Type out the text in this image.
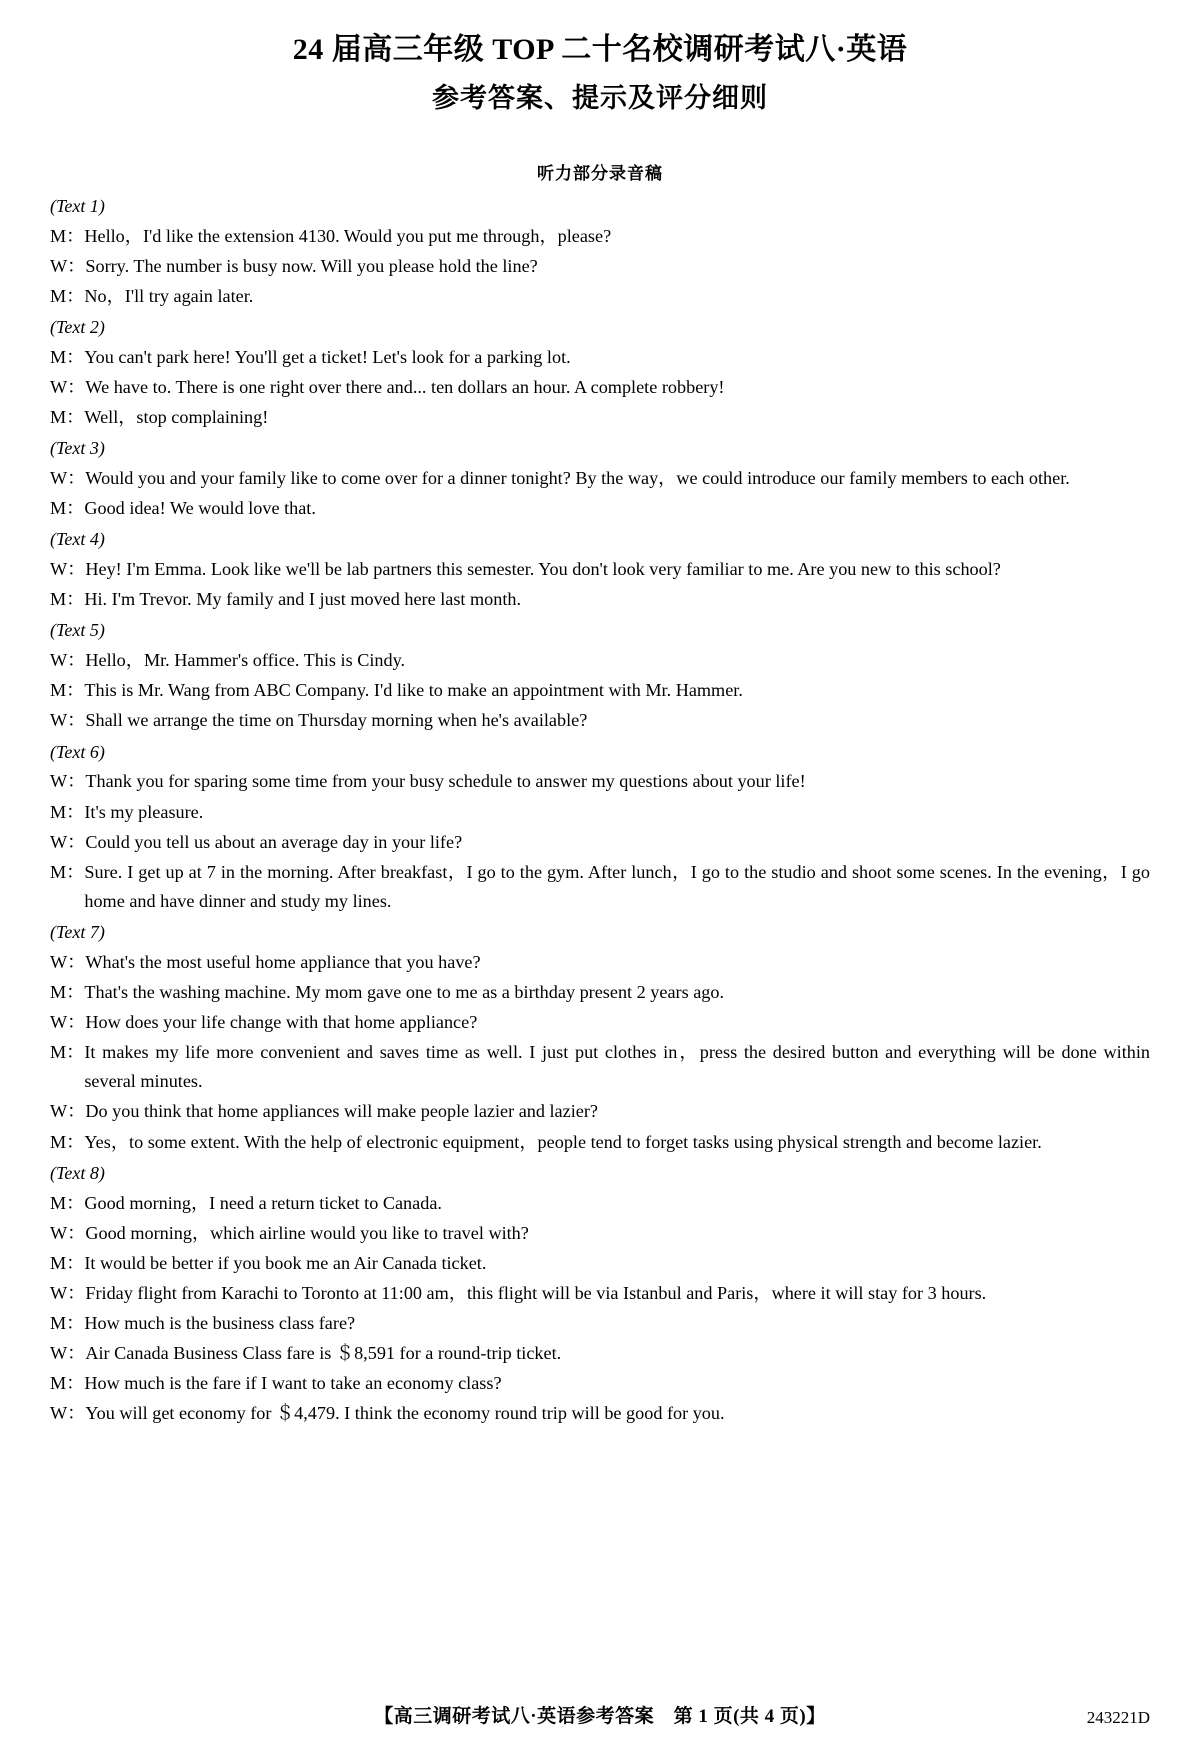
24 届高三年级 TOP 二十名校调研考试八·英语
参考答案、提示及评分细则
听力部分录音稿
(Text 1)
M： Hello，I'd like the extension 4130. Would you put me through，please?
W： Sorry. The number is busy now. Will you please hold the line?
M： No，I'll try again later.
(Text 2)
M： You can't park here! You'll get a ticket! Let's look for a parking lot.
W： We have to. There is one right over there and... ten dollars an hour. A complete robbery!
M： Well，stop complaining!
(Text 3)
W： Would you and your family like to come over for a dinner tonight? By the way，we could introduce our family members to each other.
M： Good idea! We would love that.
(Text 4)
W： Hey! I'm Emma. Look like we'll be lab partners this semester. You don't look very familiar to me. Are you new to this school?
M： Hi. I'm Trevor. My family and I just moved here last month.
(Text 5)
W： Hello，Mr. Hammer's office. This is Cindy.
M： This is Mr. Wang from ABC Company. I'd like to make an appointment with Mr. Hammer.
W： Shall we arrange the time on Thursday morning when he's available?
(Text 6)
W： Thank you for sparing some time from your busy schedule to answer my questions about your life!
M： It's my pleasure.
W： Could you tell us about an average day in your life?
M： Sure. I get up at 7 in the morning. After breakfast，I go to the gym. After lunch，I go to the studio and shoot some scenes. In the evening，I go home and have dinner and study my lines.
(Text 7)
W： What's the most useful home appliance that you have?
M： That's the washing machine. My mom gave one to me as a birthday present 2 years ago.
W： How does your life change with that home appliance?
M： It makes my life more convenient and saves time as well. I just put clothes in，press the desired button and everything will be done within several minutes.
W： Do you think that home appliances will make people lazier and lazier?
M： Yes，to some extent. With the help of electronic equipment，people tend to forget tasks using physical strength and become lazier.
(Text 8)
M： Good morning，I need a return ticket to Canada.
W： Good morning，which airline would you like to travel with?
M： It would be better if you book me an Air Canada ticket.
W： Friday flight from Karachi to Toronto at 11:00 am，this flight will be via Istanbul and Paris，where it will stay for 3 hours.
M： How much is the business class fare?
W： Air Canada Business Class fare is ＄8,591 for a round-trip ticket.
M： How much is the fare if I want to take an economy class?
W： You will get economy for ＄4,479. I think the economy round trip will be good for you.
【高三调研考试八·英语参考答案　第 1 页(共 4 页)】	243221D
